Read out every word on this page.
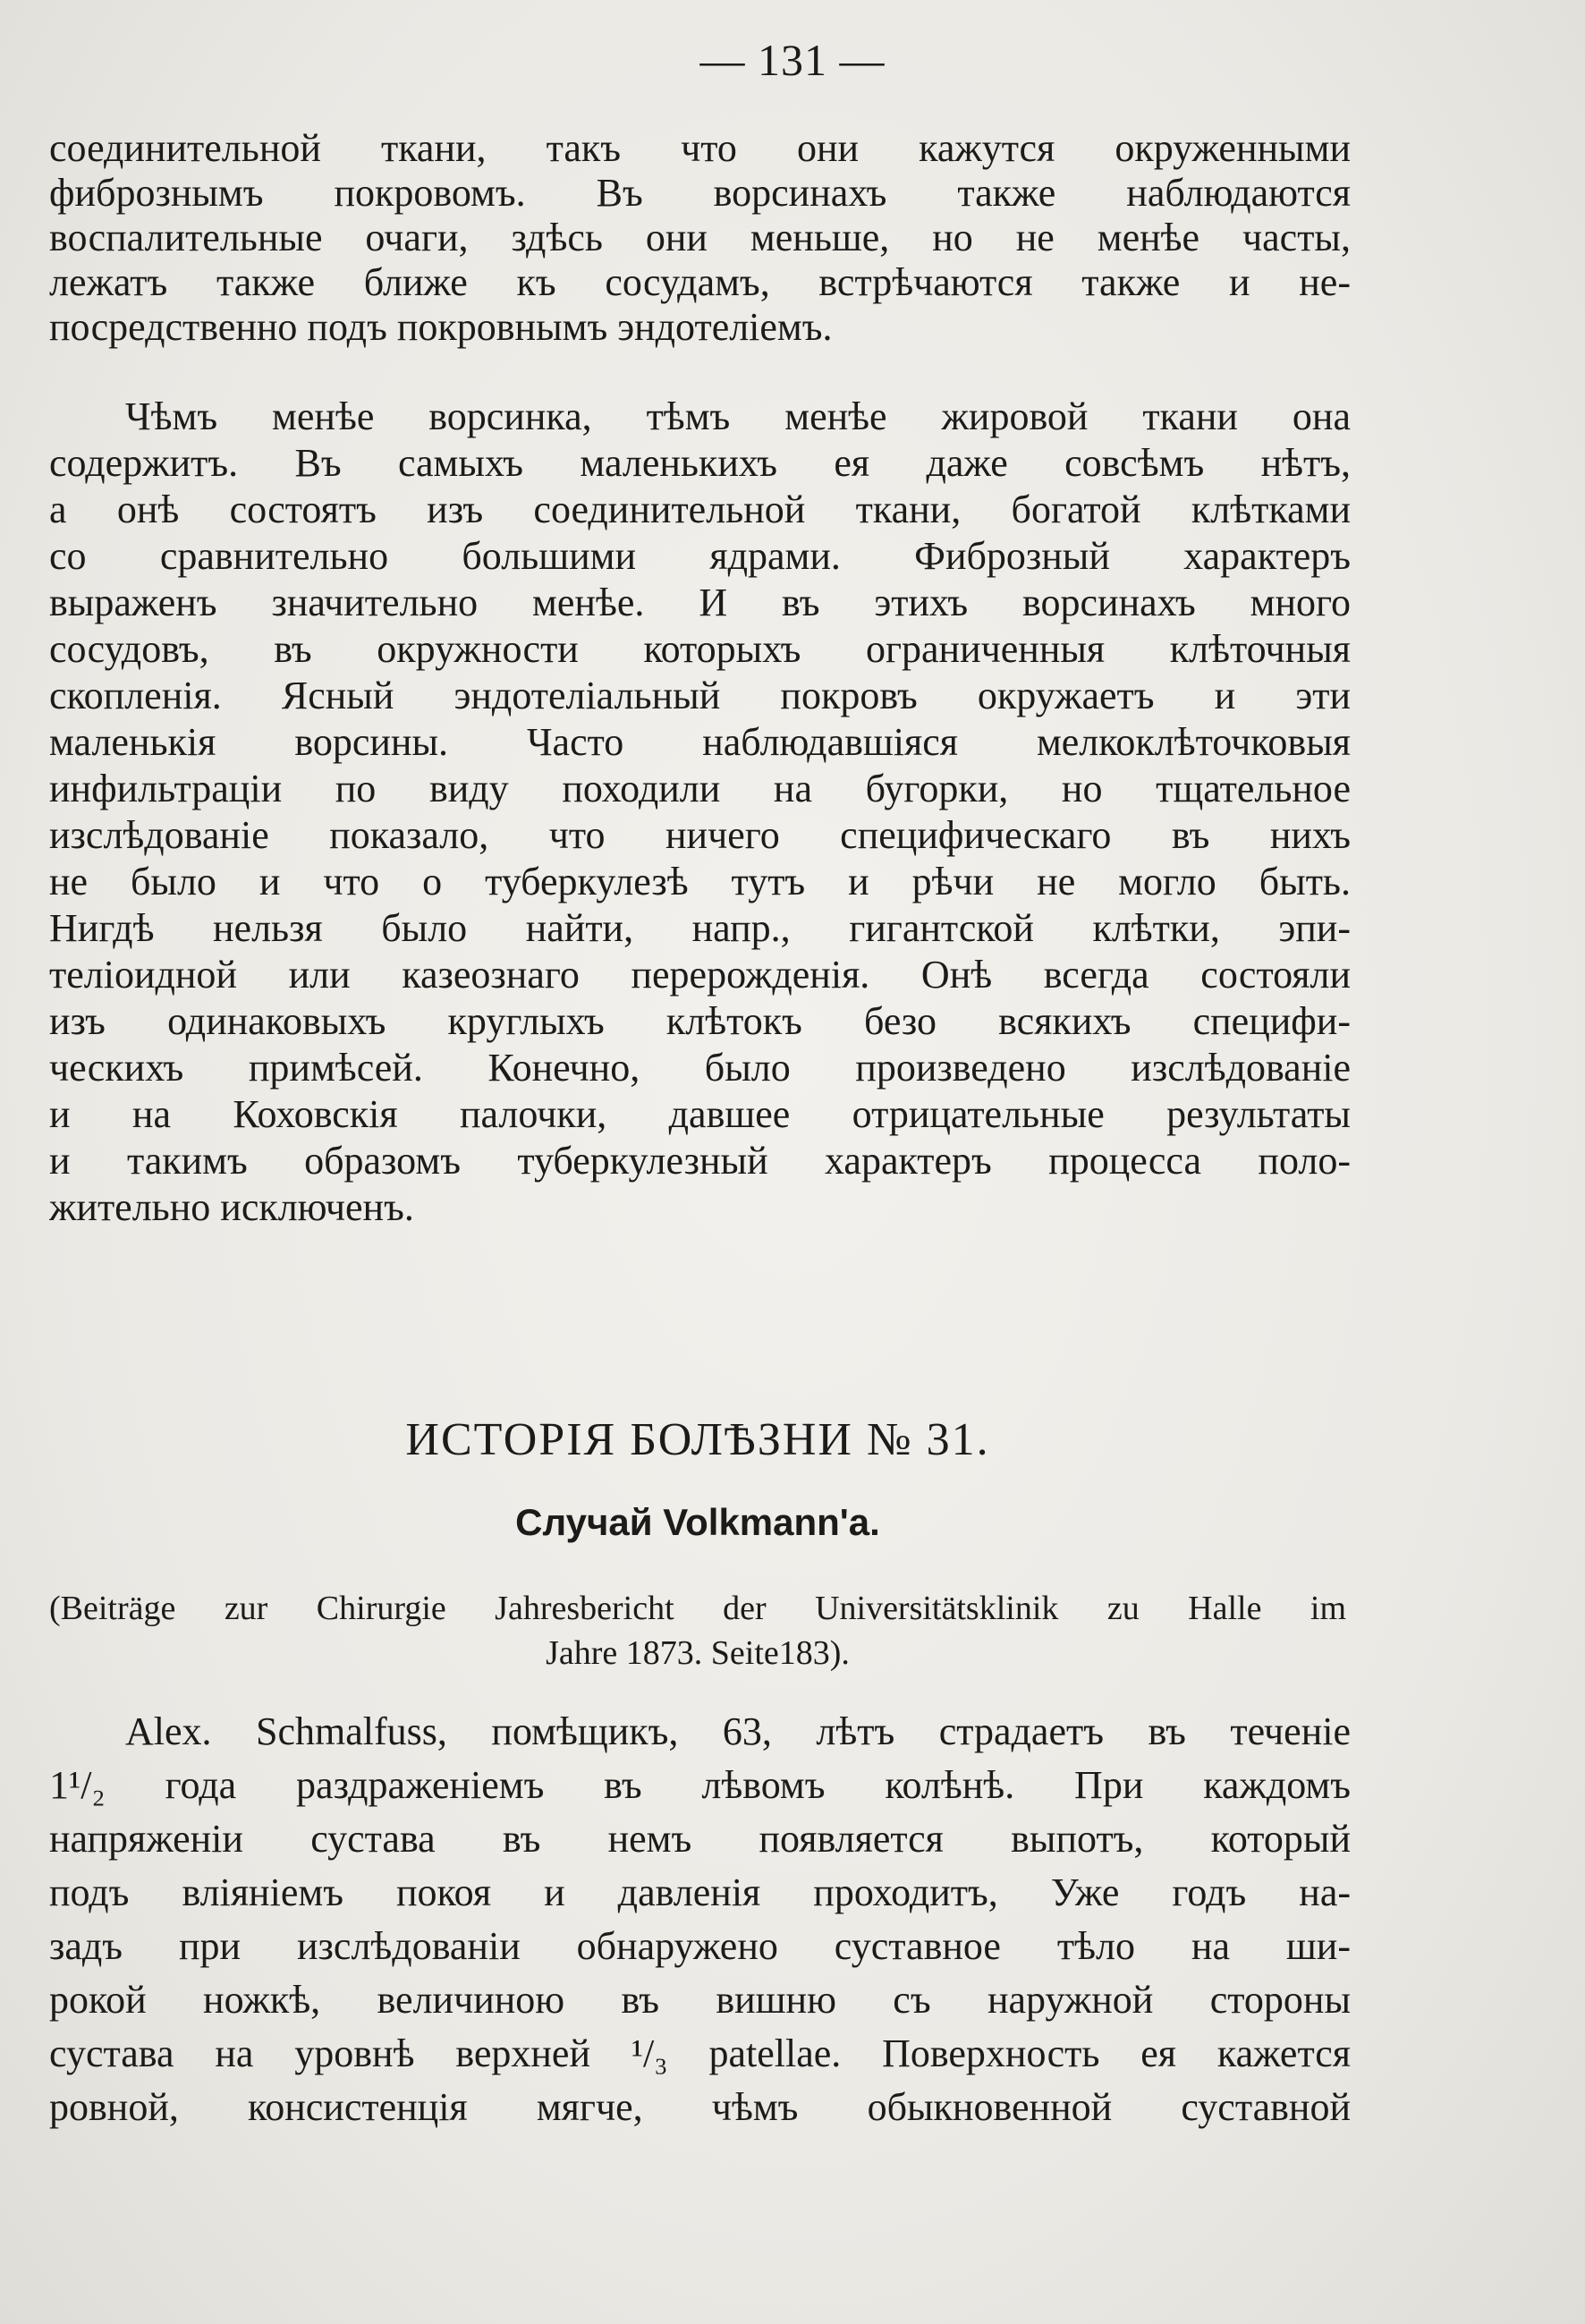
— 131 —
соединительной ткани, такъ что они кажутся окруженными
фибрознымъ покровомъ. Въ ворсинахъ также наблюдаются
воспалительные очаги, здѣсь они меньше, но не менѣе часты,
лежатъ также ближе къ сосудамъ, встрѣчаются также и не-
посредственно подъ покровнымъ эндотеліемъ.
Чѣмъ менѣе ворсинка, тѣмъ менѣе жировой ткани она
содержитъ. Въ самыхъ маленькихъ ея даже совсѣмъ нѣтъ,
а онѣ состоятъ изъ соединительной ткани, богатой клѣтками
со сравнительно большими ядрами. Фиброзный характеръ
выраженъ значительно менѣе. И въ этихъ ворсинахъ много
сосудовъ, въ окружности которыхъ ограниченныя клѣточныя
скопленія. Ясный эндотеліальный покровъ окружаетъ и эти
маленькія ворсины. Часто наблюдавшіяся мелкоклѣточковыя
инфильтраціи по виду походили на бугорки, но тщательное
изслѣдованіе показало, что ничего специфическаго въ нихъ
не было и что о туберкулезѣ тутъ и рѣчи не могло быть.
Нигдѣ нельзя было найти, напр., гигантской клѣтки, эпи-
теліоидной или казеознаго перерожденія. Онѣ всегда состояли
изъ одинаковыхъ круглыхъ клѣтокъ безо всякихъ специфи-
ческихъ примѣсей. Конечно, было произведено изслѣдованіе
и на Коховскія палочки, давшее отрицательные результаты
и такимъ образомъ туберкулезный характеръ процесса поло-
жительно исключенъ.
ИСТОРІЯ БОЛѢЗНИ № 31.
Случай Volkmann'a.
(Beiträge zur Chirurgie Jahresbericht der Universitätsklinik zu Halle im
Jahre 1873. Seite183).
Alex. Schmalfuss, помѣщикъ, 63, лѣтъ страдаетъ въ теченіе
1¹/₂ года раздраженіемъ въ лѣвомъ колѣнѣ. При каждомъ
напряженіи сустава въ немъ появляется выпотъ, который
подъ вліяніемъ покоя и давленія проходитъ, Уже годъ на-
задъ при изслѣдованіи обнаружено суставное тѣло на ши-
рокой ножкѣ, величиною въ вишню съ наружной стороны
сустава на уровнѣ верхней ¹/₃ patellae. Поверхность ея кажется
ровной, консистенція мягче, чѣмъ обыкновенной суставной
